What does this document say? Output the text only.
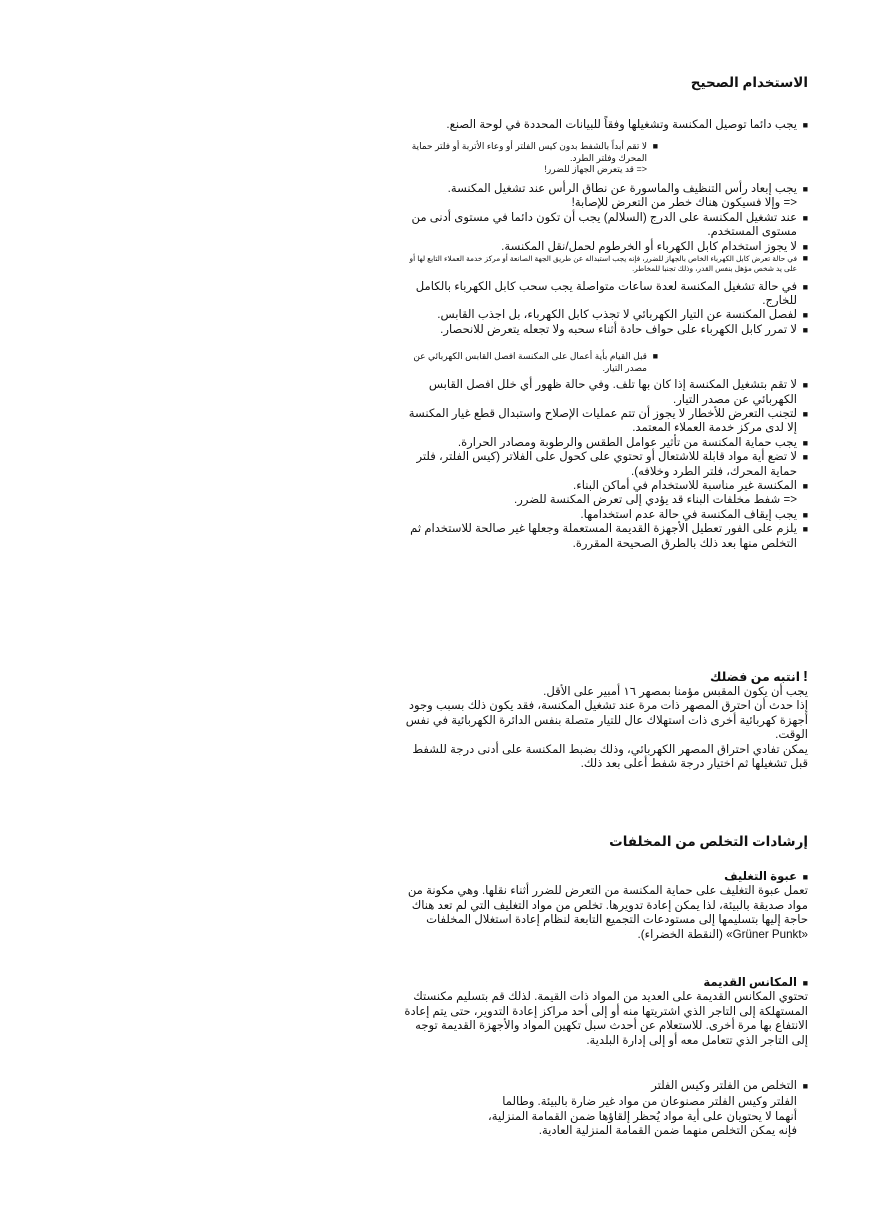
الاستخدام الصحيح
■
يجب دائما توصيل المكنسة وتشغيلها وفقاً للبيانات المحددة في لوحة الصنع.
■
لا تقم أبداً بالشفط بدون كيس الفلتر أو وعاء الأتربة أو فلتر حماية المحرك وفلتر الطرد.
<= قد يتعرض الجهاز للضرر!
■
يجب إبعاد رأس التنظيف والماسورة عن نطاق الرأس عند تشغيل المكنسة.
<= وإلا فسيكون هناك خطر من التعرض للإصابة!
■
عند تشغيل المكنسة على الدرج (السلالم) يجب أن تكون دائما في مستوى أدنى من مستوى المستخدم.
■
لا يجوز استخدام كابل الكهرباء أو الخرطوم لحمل/نقل المكنسة.
■
في حالة تعرض كابل الكهرباء الخاص بالجهاز للضرر، فإنه يجب استبداله عن طريق الجهة الصانعة أو مركز خدمة العملاء التابع لها أو على يد شخص مؤهل بنفس القدر، وذلك تجنبا للمخاطر.
■
في حالة تشغيل المكنسة لعدة ساعات متواصلة يجب سحب كابل الكهرباء بالكامل للخارج.
■
لفصل المكنسة عن التيار الكهربائي لا تجذب كابل الكهرباء، بل اجذب القابس.
■
لا تمرر كابل الكهرباء على حواف حادة أثناء سحبه ولا تجعله يتعرض للانحصار.
■
قبل القيام بأية أعمال على المكنسة افصل القابس الكهربائي عن مصدر التيار.
■
لا تقم بتشغيل المكنسة إذا كان بها تلف. وفي حالة ظهور أي خلل افصل القابس الكهربائي عن مصدر التيار.
■
لتجنب التعرض للأخطار لا يجوز أن تتم عمليات الإصلاح واستبدال قطع غيار المكنسة إلا لدى مركز خدمة العملاء المعتمد.
■
يجب حماية المكنسة من تأثير عوامل الطقس والرطوبة ومصادر الحرارة.
■
لا تضع أية مواد قابلة للاشتعال أو تحتوي على كحول على الفلاتر (كيس الفلتر، فلتر حماية المحرك، فلتر الطرد وخلافه).
■
المكنسة غير مناسبة للاستخدام في أماكن البناء.
<= شفط مخلفات البناء قد يؤدي إلى تعرض المكنسة للضرر.
■
يجب إيقاف المكنسة في حالة عدم استخدامها.
■
يلزم على الفور تعطيل الأجهزة القديمة المستعملة وجعلها غير صالحة للاستخدام ثم التخلص منها بعد ذلك بالطرق الصحيحة المقررة.
!انتبه من فضلك

يجب أن يكون المقبس مؤمنا بمصهر ١٦ أمبير على الأقل.

إذا حدث أن احترق المصهر ذات مرة عند تشغيل المكنسة، فقد يكون ذلك بسبب وجود أجهزة كهربائية أخرى ذات استهلاك عال للتيار متصلة بنفس الدائرة الكهربائية في نفس الوقت.

يمكن تفادي احتراق المصهر الكهربائي، وذلك بضبط المكنسة على أدنى درجة للشفط قبل تشغيلها ثم اختيار درجة شفط أعلى بعد ذلك.

إرشادات التخلص من المخلفات
■
عبوة التغليف

تعمل عبوة التغليف على حماية المكنسة من التعرض للضرر أثناء نقلها. وهي مكونة من مواد صديقة بالبيئة، لذا يمكن إعادة تدويرها. تخلص من مواد التغليف التي لم تعد هناك حاجة إليها بتسليمها إلى مستودعات التجميع التابعة لنظام إعادة استغلال المخلفات «Grüner Punkt» (النقطة الخضراء).

■
المكانس القديمة

تحتوي المكانس القديمة على العديد من المواد ذات القيمة. لذلك قم بتسليم مكنستك المستهلكة إلى التاجر الذي اشتريتها منه أو إلى أحد مراكز إعادة التدوير، حتى يتم إعادة الانتفاع بها مرة أخرى. للاستعلام عن أحدث سبل تكهين المواد والأجهزة القديمة توجه إلى التاجر الذي تتعامل معه أو إلى إدارة البلدية.

■
التخلص من الفلتر وكيس الفلتر

الفلتر وكيس الفلتر مصنوعان من مواد غير ضارة بالبيئة. وطالما أنهما لا يحتويان على أية مواد يُحظر إلقاؤها ضمن القمامة المنزلية، فإنه يمكن التخلص منهما ضمن القمامة المنزلية العادية.
